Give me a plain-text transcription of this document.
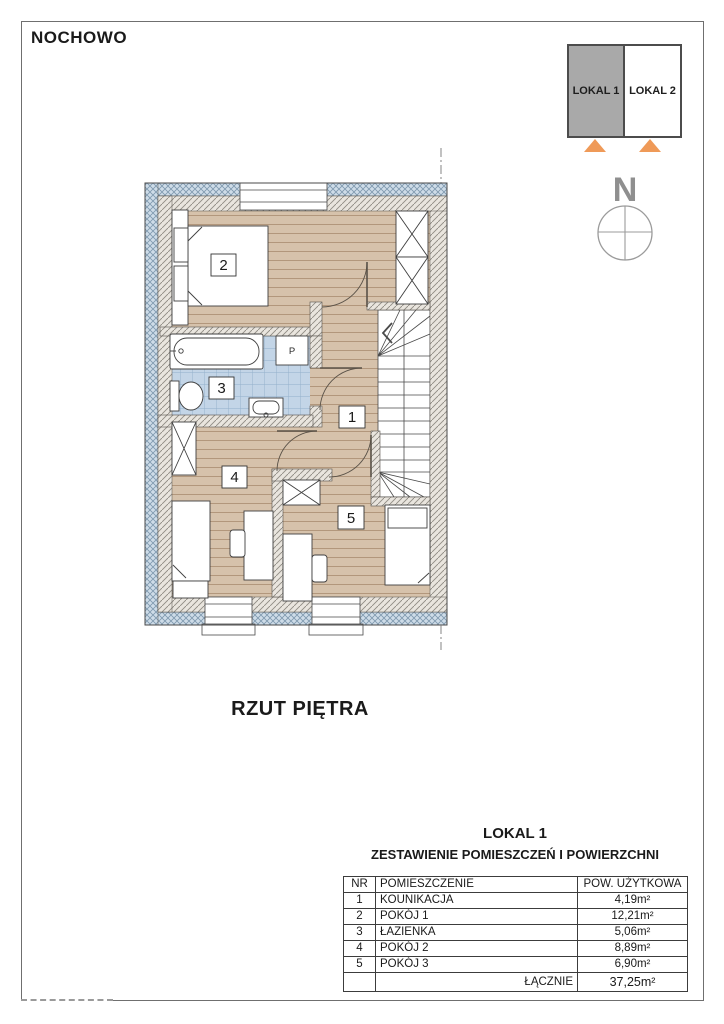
NOCHOWO
LOKAL 1 LOKAL 2
N
P
1
2
3
4
5
RZUT PIĘTRA
LOKAL 1
ZESTAWIENIE POMIESZCZEŃ I POWIERZCHNI
NR	POMIESZCZENIE	POW. UŻYTKOWA
1	KOUNIKACJA	4,19m²
2	POKÓJ 1	12,21m²
3	ŁAZIENKA	5,06m²
4	POKÓJ 2	8,89m²
5	POKÓJ 3	6,90m²
	ŁĄCZNIE	37,25m²
